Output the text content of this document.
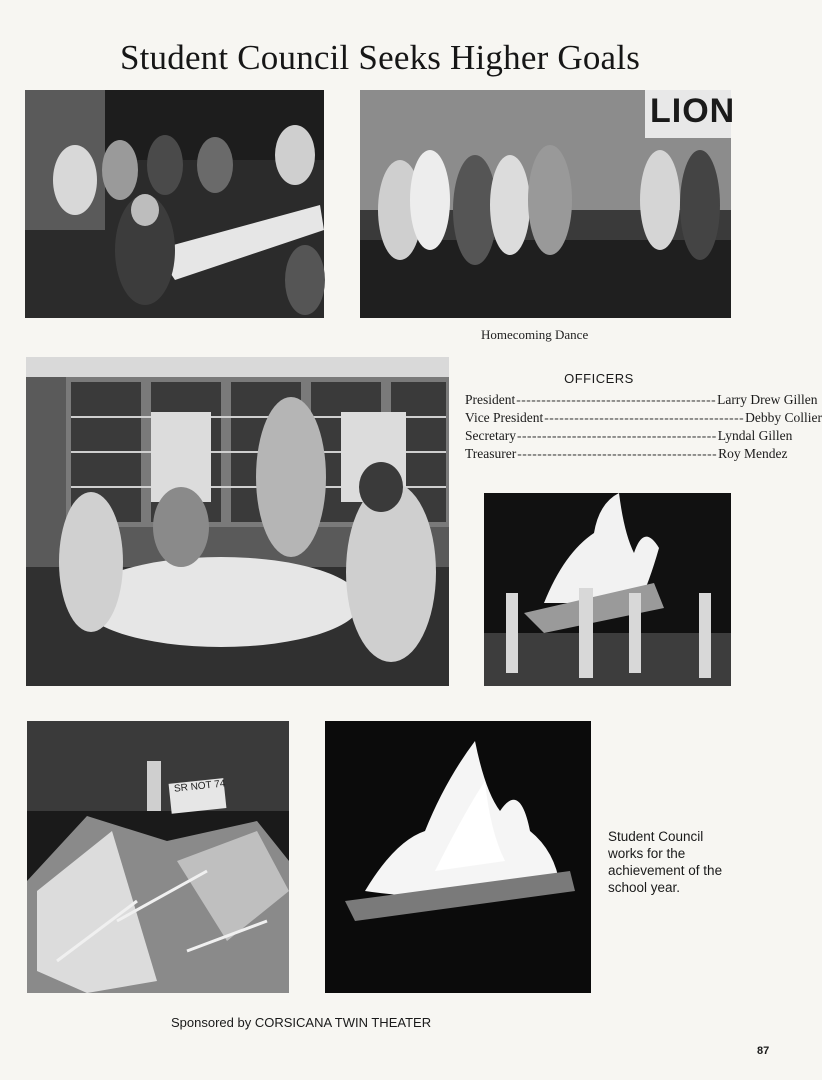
Student Council Seeks Higher Goals
LION
Homecoming Dance
OFFICERS
President ---------------------------------------- Larry Drew Gillen
Vice President ---------------------------------------- Debby Collier
Secretary ---------------------------------------- Lyndal Gillen
Treasurer ---------------------------------------- Roy Mendez
SR NOT 74
Student Council
works for the
achievement of the
school year.
Sponsored by CORSICANA TWIN THEATER
87
